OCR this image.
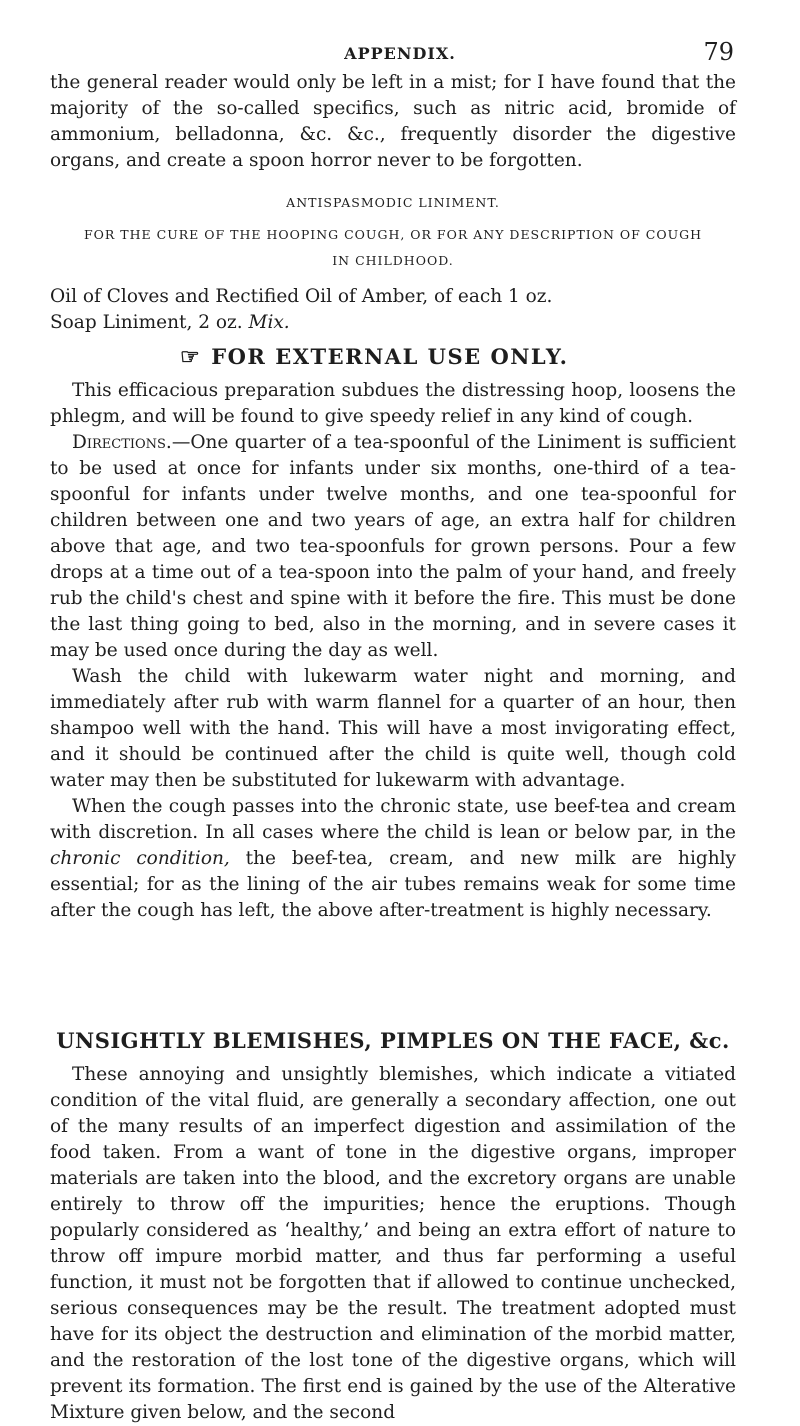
APPENDIX.	79

the general reader would only be left in a mist; for I have found that the majority of the so-called specifics, such as nitric acid, bromide of ammonium, belladonna, &c. &c., frequently disorder the digestive organs, and create a spoon horror never to be forgotten.

ANTISPASMODIC LINIMENT.

FOR THE CURE OF THE HOOPING COUGH, OR FOR ANY DESCRIPTION OF COUGH

IN CHILDHOOD.

Oil of Cloves and Rectified Oil of Amber, of each 1 oz.

Soap Liniment, 2 oz. Mix.

☞ FOR EXTERNAL USE ONLY.

This efficacious preparation subdues the distressing hoop, loosens the phlegm, and will be found to give speedy relief in any kind of cough.

Directions.—One quarter of a tea-spoonful of the Liniment is sufficient to be used at once for infants under six months, one-third of a tea-spoonful for infants under twelve months, and one tea-spoonful for children between one and two years of age, an extra half for children above that age, and two tea-spoonfuls for grown persons. Pour a few drops at a time out of a tea-spoon into the palm of your hand, and freely rub the child's chest and spine with it before the fire. This must be done the last thing going to bed, also in the morning, and in severe cases it may be used once during the day as well.

Wash the child with lukewarm water night and morning, and immediately after rub with warm flannel for a quarter of an hour, then shampoo well with the hand. This will have a most invigorating effect, and it should be continued after the child is quite well, though cold water may then be substituted for lukewarm with advantage.

When the cough passes into the chronic state, use beef-tea and cream with discretion. In all cases where the child is lean or below par, in the chronic condition, the beef-tea, cream, and new milk are highly essential; for as the lining of the air tubes remains weak for some time after the cough has left, the above after-treatment is highly necessary.

UNSIGHTLY BLEMISHES, PIMPLES ON THE FACE, &c.

These annoying and unsightly blemishes, which indicate a vitiated condition of the vital fluid, are generally a secondary affection, one out of the many results of an imperfect digestion and assimilation of the food taken. From a want of tone in the digestive organs, improper materials are taken into the blood, and the excretory organs are unable entirely to throw off the impurities; hence the eruptions. Though popularly considered as ‘healthy,’ and being an extra effort of nature to throw off impure morbid matter, and thus far performing a useful function, it must not be forgotten that if allowed to continue unchecked, serious consequences may be the result. The treatment adopted must have for its object the destruction and elimination of the morbid matter, and the restoration of the lost tone of the digestive organs, which will prevent its formation. The first end is gained by the use of the Alterative Mixture given below, and the second
